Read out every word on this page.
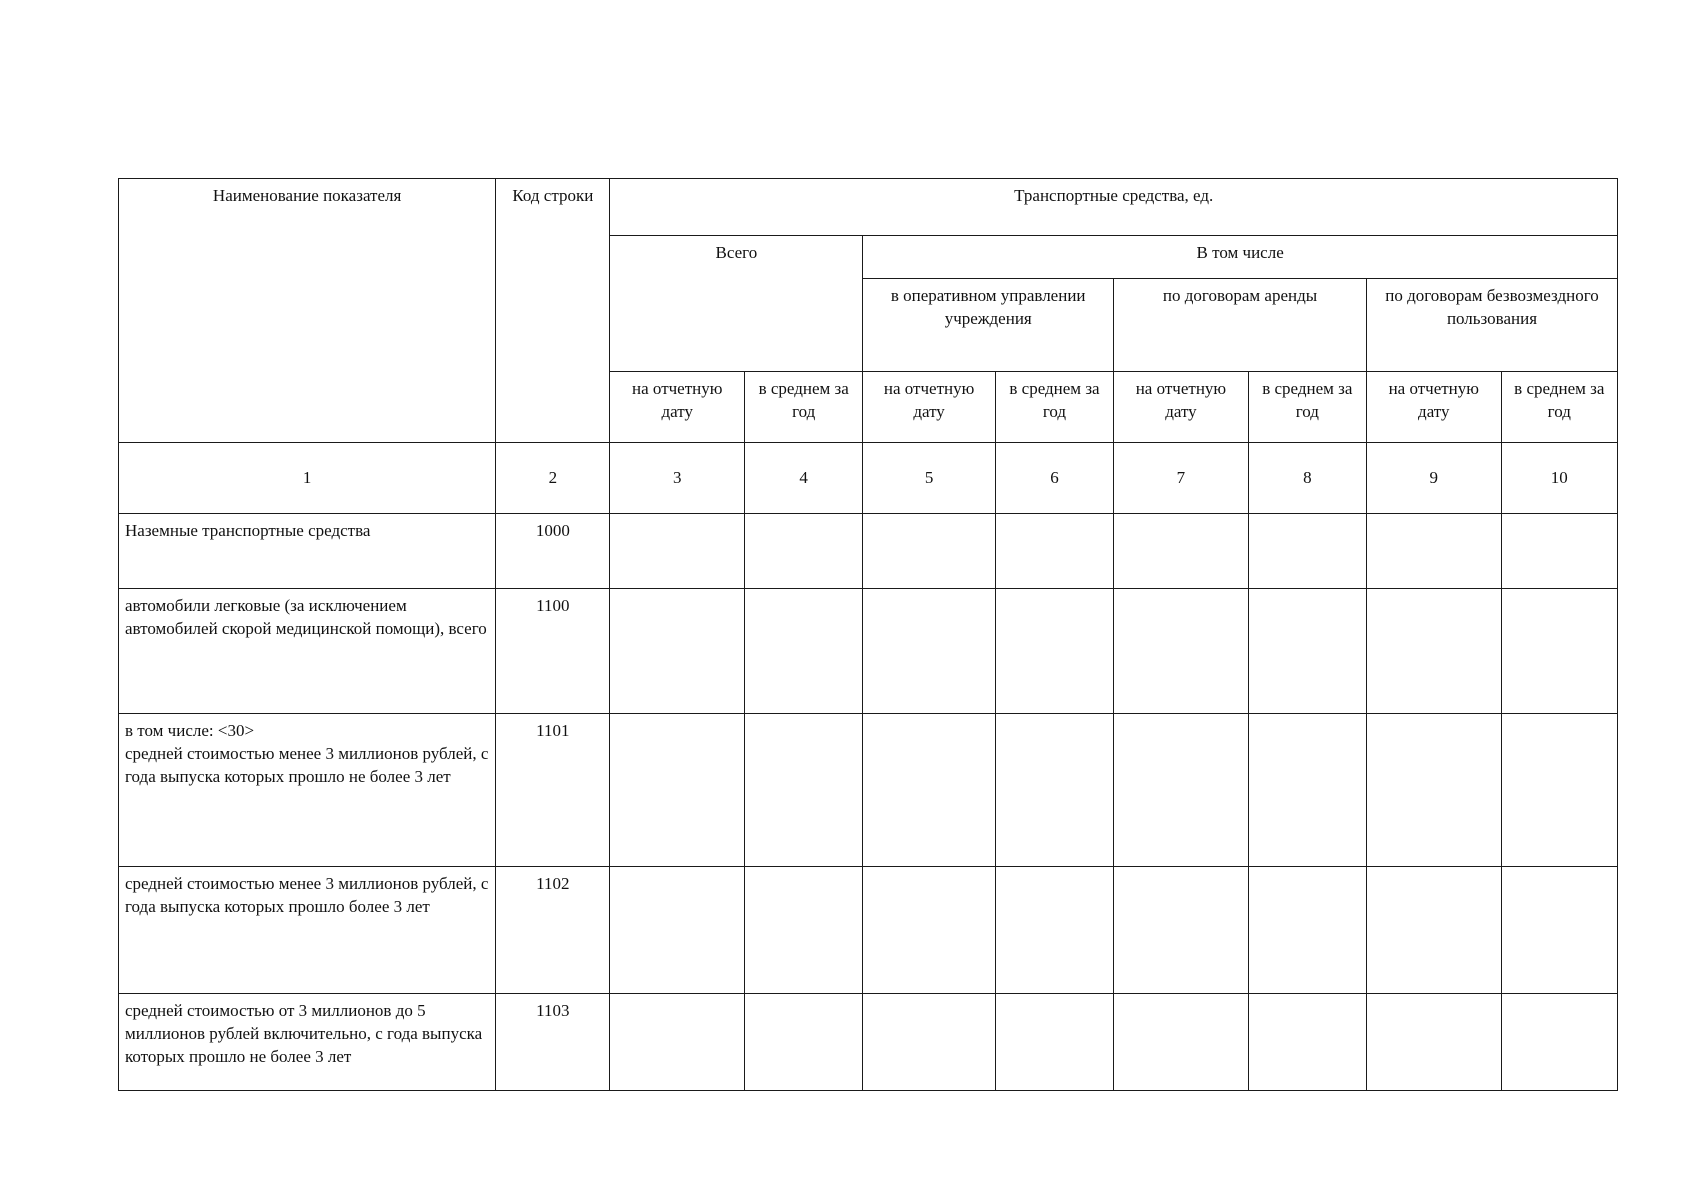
Наименование показателя	Код строки	Транспортные средства, ед.							
		Всего		В том числе					
				в оперативном управлении учреждения		по договорам аренды		по договорам безвозмездного пользования	
		на отчетную дату	в среднем за год	на отчетную дату	в среднем за год	на отчетную дату	в среднем за год	на отчетную дату	в среднем за год
1	2	3	4	5	6	7	8	9	10
Наземные транспортные средства	1000								
автомобили легковые (за исключением автомобилей скорой медицинской помощи), всего	1100								

в том числе: <30>
средней стоимостью менее 3 миллионов рублей, с года выпуска которых прошло не более 3 лет	1101								
средней стоимостью менее 3 миллионов рублей, с года выпуска которых прошло более 3 лет	1102								
средней стоимостью от 3 миллионов до 5 миллионов рублей включительно, с года выпуска которых прошло не более 3 лет	1103								
